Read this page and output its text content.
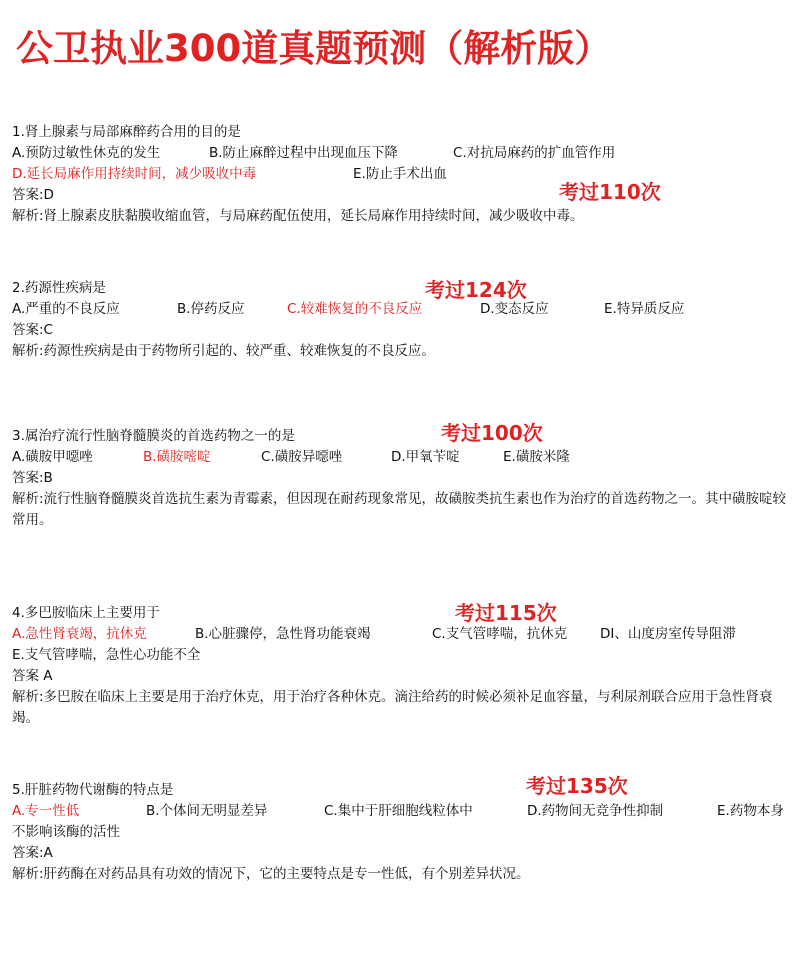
公卫执业300道真题预测（解析版）
1.肾上腺素与局部麻醉药合用的目的是
A.预防过敏性休克的发生	B.防止麻醉过程中出现血压下降	C.对抗局麻药的扩血管作用
D.延长局麻作用持续时间，减少吸收中毒	E.防止手术出血
答案:D
解析:肾上腺素皮肤黏膜收缩血管，与局麻药配伍使用，延长局麻作用持续时间，减少吸收中毒。
考过110次
2.药源性疾病是
A.严重的不良反应	B.停药反应	C.较难恢复的不良反应	D.变态反应	E.特异质反应
答案:C
解析:药源性疾病是由于药物所引起的、较严重、较难恢复的不良反应。
考过124次
3.属治疗流行性脑脊髓膜炎的首选药物之一的是
A.磺胺甲噁唑	B.磺胺嘧啶	C.磺胺异噁唑	D.甲氧苄啶	E.磺胺米隆
答案:B
解析:流行性脑脊髓膜炎首选抗生素为青霉素，但因现在耐药现象常见，故磺胺类抗生素也作为治疗的首选药物之一。其中磺胺啶较常用。
考过100次
4.多巴胺临床上主要用于
A.急性肾衰竭，抗休克	B.心脏骤停，急性肾功能衰竭	C.支气管哮喘，抗休克 DI、山度房室传导阻滞
E.支气管哮喘，急性心功能不全
答案 A
解析:多巴胺在临床上主要是用于治疗休克，用于治疗各种休克。滴注给药的时候必须补足血容量，与利尿剂联合应用于急性肾衰竭。
考过115次
5.肝脏药物代谢酶的特点是
A.专一性低	B.个体间无明显差异	C.集中于肝细胞线粒体中	D.药物间无竞争性抑制	E.药物本身不影响该酶的活性
答案:A
解析:肝药酶在对药品具有功效的情况下，它的主要特点是专一性低，有个别差异状况。
考过135次
